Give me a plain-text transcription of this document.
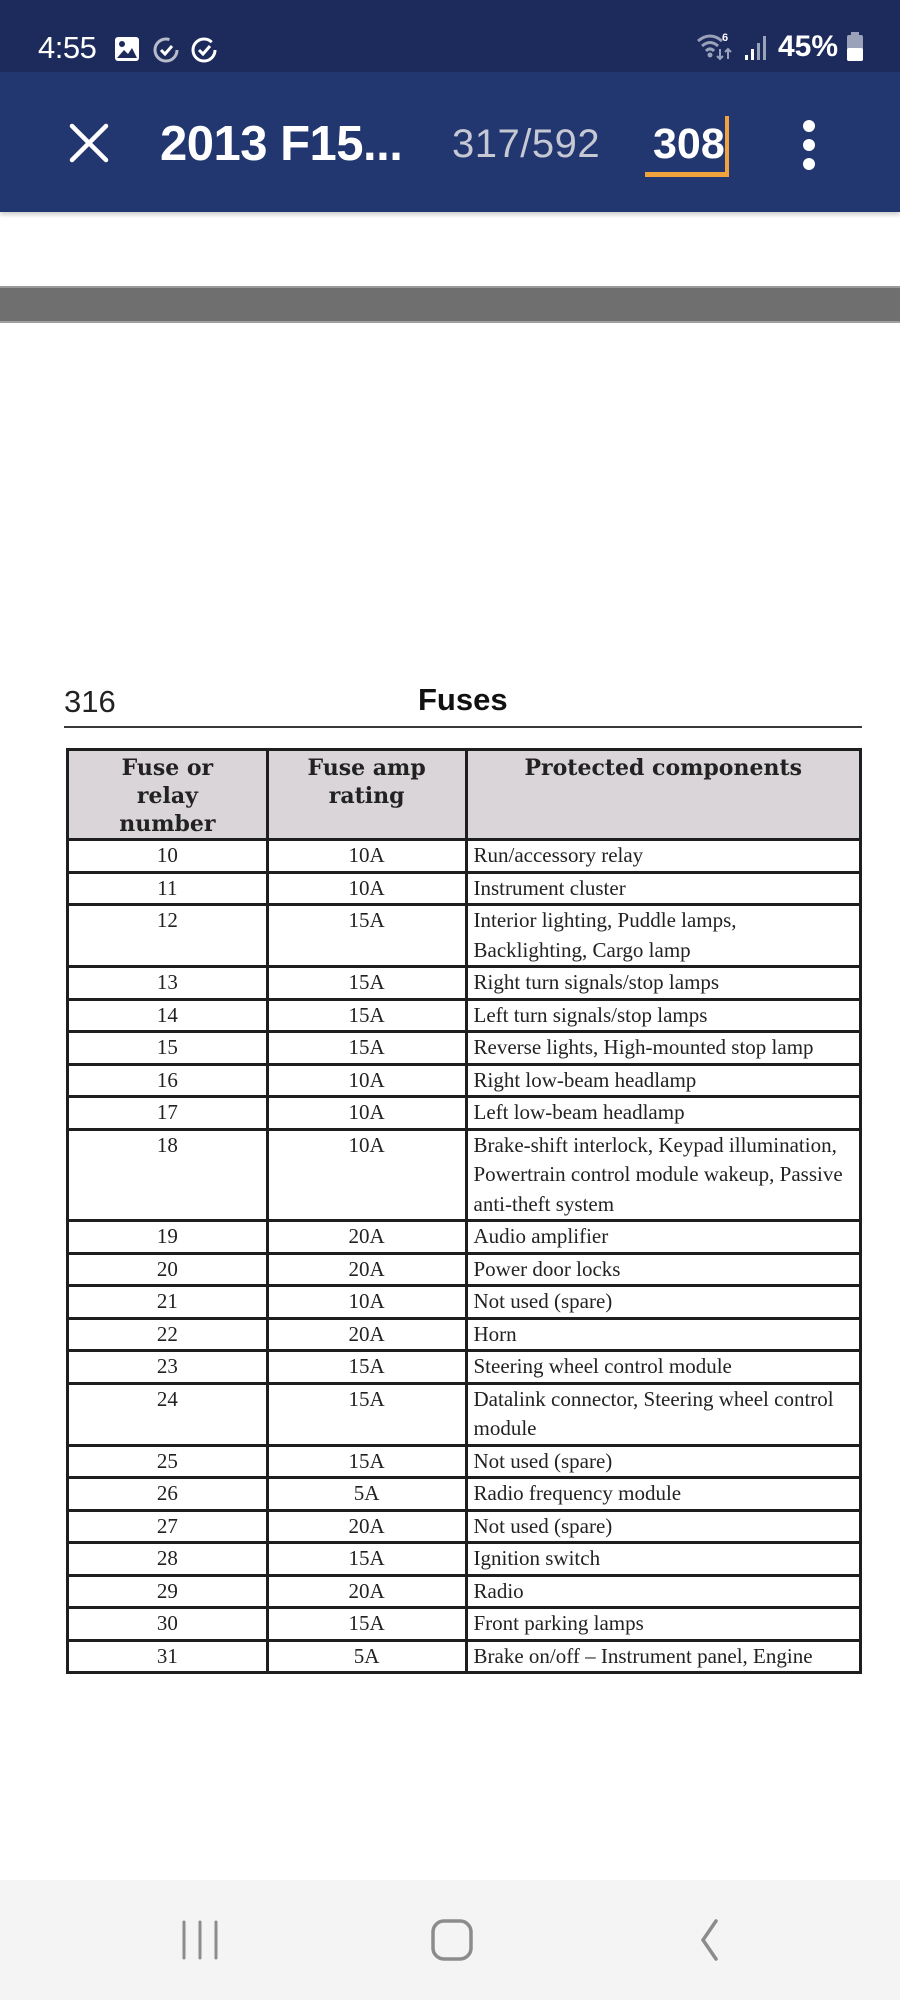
4:55	6 45%
2013 F15... 317/592 308
316	Fuses
Fuse or relay number	Fuse amp rating	Protected components
10	10A	Run/accessory relay
11	10A	Instrument cluster
12	15A	Interior lighting, Puddle lamps, Backlighting, Cargo lamp
13	15A	Right turn signals/stop lamps
14	15A	Left turn signals/stop lamps
15	15A	Reverse lights, High-mounted stop lamp
16	10A	Right low-beam headlamp
17	10A	Left low-beam headlamp
18	10A	Brake-shift interlock, Keypad illumination, Powertrain control module wakeup, Passive anti-theft system
19	20A	Audio amplifier
20	20A	Power door locks
21	10A	Not used (spare)
22	20A	Horn
23	15A	Steering wheel control module
24	15A	Datalink connector, Steering wheel control module
25	15A	Not used (spare)
26	5A	Radio frequency module
27	20A	Not used (spare)
28	15A	Ignition switch
29	20A	Radio
30	15A	Front parking lamps
31	5A	Brake on/off – Instrument panel, Engine
